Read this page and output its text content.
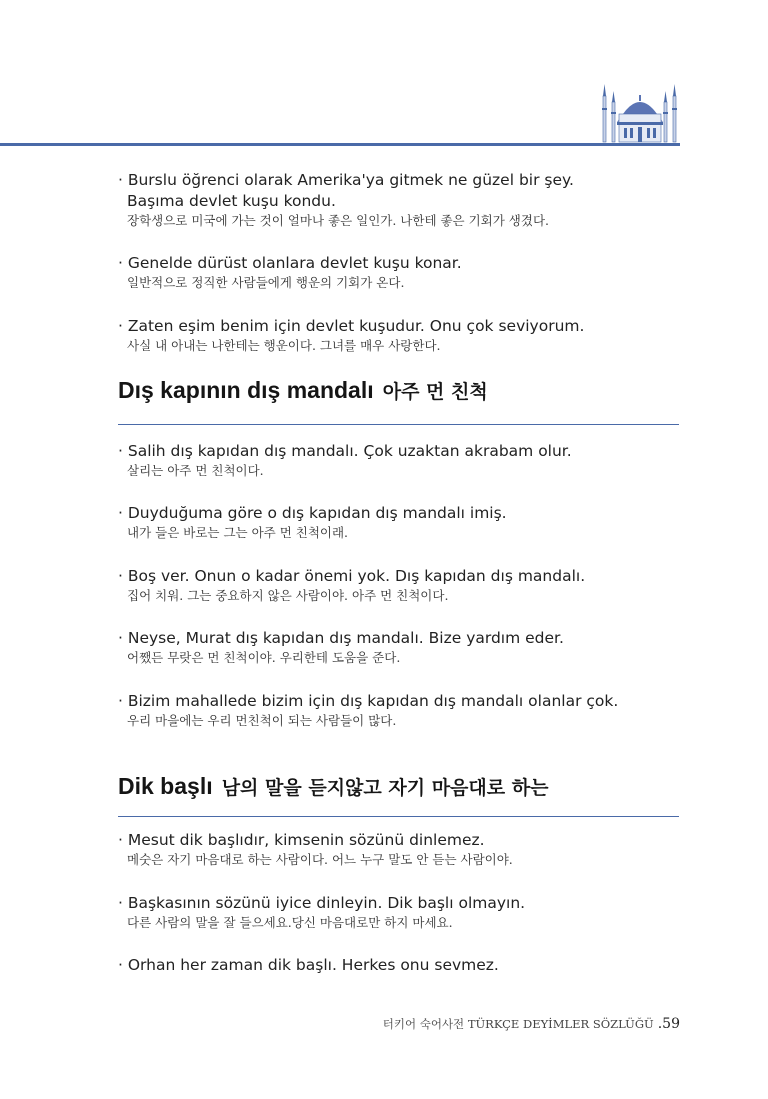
· Burslu öğrenci olarak Amerika'ya gitmek ne güzel bir şey.
Başıma devlet kuşu kondu.
장학생으로 미국에 가는 것이 얼마나 좋은 일인가. 나한테 좋은 기회가 생겼다.
· Genelde dürüst olanlara devlet kuşu konar.
일반적으로 정직한 사람들에게 행운의 기회가 온다.
· Zaten eşim benim için devlet kuşudur. Onu çok seviyorum.
사실 내 아내는 나한테는 행운이다. 그녀를 매우 사랑한다.
Dış kapının dış mandalı 아주 먼 친척
· Salih dış kapıdan dış mandalı. Çok uzaktan akrabam olur.
살리는 아주 먼 친척이다.
· Duyduğuma göre o dış kapıdan dış mandalı imiş.
내가 들은 바로는 그는 아주 먼 친척이래.
· Boş ver. Onun o kadar önemi yok. Dış kapıdan dış mandalı.
집어 치워. 그는 중요하지 않은 사람이야. 아주 먼 친척이다.
· Neyse, Murat dış kapıdan dış mandalı. Bize yardım eder.
어쨌든 무랏은 먼 친척이야. 우리한테 도움을 준다.
· Bizim mahallede bizim için dış kapıdan dış mandalı olanlar çok.
우리 마을에는 우리 먼친척이 되는 사람들이 많다.
Dik başlı 남의 말을 듣지않고 자기 마음대로 하는
· Mesut dik başlıdır, kimsenin sözünü dinlemez.
메숫은 자기 마음대로 하는 사람이다. 어느 누구 말도 안 듣는 사람이야.
· Başkasının sözünü iyice dinleyin. Dik başlı olmayın.
다른 사람의 말을 잘 들으세요.당신 마음대로만 하지 마세요.
· Orhan her zaman dik başlı. Herkes onu sevmez.
터키어 숙어사전 TÜRKÇE DEYİMLER SÖZLÜĞÜ .59
